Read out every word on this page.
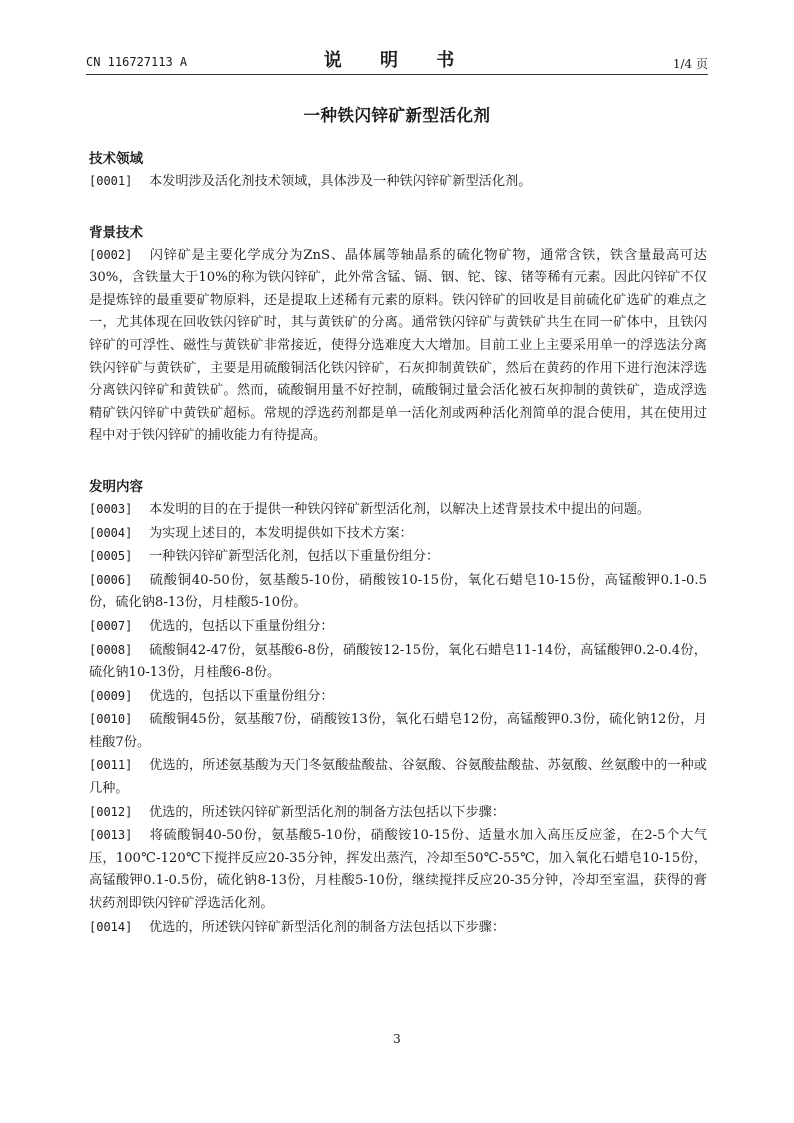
CN 116727113 A	说 明 书	1/4 页
一种铁闪锌矿新型活化剂
技术领域

[0001] 本发明涉及活化剂技术领域，具体涉及一种铁闪锌矿新型活化剂。

背景技术

[0002] 闪锌矿是主要化学成分为ZnS、晶体属等轴晶系的硫化物矿物，通常含铁，铁含量最高可达30%，含铁量大于10%的称为铁闪锌矿，此外常含锰、镉、铟、铊、镓、锗等稀有元素。因此闪锌矿不仅是提炼锌的最重要矿物原料，还是提取上述稀有元素的原料。铁闪锌矿的回收是目前硫化矿选矿的难点之一，尤其体现在回收铁闪锌矿时，其与黄铁矿的分离。通常铁闪锌矿与黄铁矿共生在同一矿体中，且铁闪锌矿的可浮性、磁性与黄铁矿非常接近，使得分选难度大大增加。目前工业上主要采用单一的浮选法分离铁闪锌矿与黄铁矿，主要是用硫酸铜活化铁闪锌矿，石灰抑制黄铁矿，然后在黄药的作用下进行泡沫浮选分离铁闪锌矿和黄铁矿。然而，硫酸铜用量不好控制，硫酸铜过量会活化被石灰抑制的黄铁矿，造成浮选精矿铁闪锌矿中黄铁矿超标。常规的浮选药剂都是单一活化剂或两种活化剂简单的混合使用，其在使用过程中对于铁闪锌矿的捕收能力有待提高。

发明内容

[0003] 本发明的目的在于提供一种铁闪锌矿新型活化剂，以解决上述背景技术中提出的问题。

[0004] 为实现上述目的，本发明提供如下技术方案：

[0005] 一种铁闪锌矿新型活化剂，包括以下重量份组分：

[0006] 硫酸铜40-50份，氨基酸5-10份，硝酸铵10-15份，氧化石蜡皂10-15份，高锰酸钾0.1-0.5份，硫化钠8-13份，月桂酸5-10份。

[0007] 优选的，包括以下重量份组分：

[0008] 硫酸铜42-47份，氨基酸6-8份，硝酸铵12-15份，氧化石蜡皂11-14份，高锰酸钾0.2-0.4份，硫化钠10-13份，月桂酸6-8份。

[0009] 优选的，包括以下重量份组分：

[0010] 硫酸铜45份，氨基酸7份，硝酸铵13份，氧化石蜡皂12份，高锰酸钾0.3份，硫化钠12份，月桂酸7份。

[0011] 优选的，所述氨基酸为天门冬氨酸盐酸盐、谷氨酸、谷氨酸盐酸盐、苏氨酸、丝氨酸中的一种或几种。

[0012] 优选的，所述铁闪锌矿新型活化剂的制备方法包括以下步骤：

[0013] 将硫酸铜40-50份，氨基酸5-10份，硝酸铵10-15份、适量水加入高压反应釜，在2-5个大气压，100℃-120℃下搅拌反应20-35分钟，挥发出蒸汽，冷却至50℃-55℃，加入氧化石蜡皂10-15份，高锰酸钾0.1-0.5份，硫化钠8-13份，月桂酸5-10份，继续搅拌反应20-35分钟，冷却至室温，获得的膏状药剂即铁闪锌矿浮选活化剂。

[0014] 优选的，所述铁闪锌矿新型活化剂的制备方法包括以下步骤：

3
